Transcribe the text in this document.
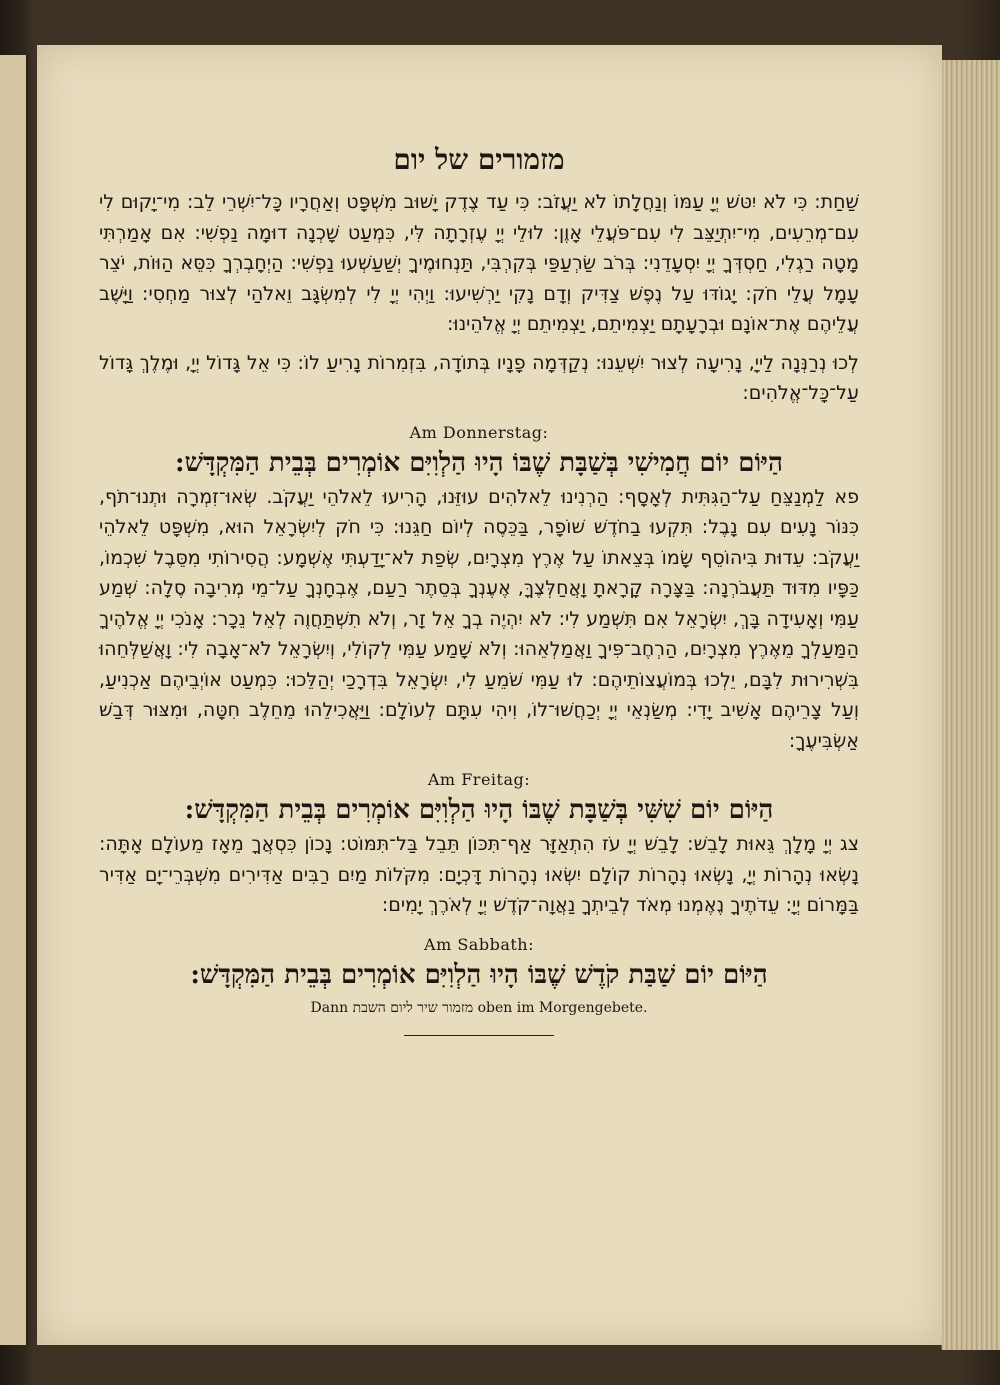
מזמורים של יום

שַׁחַת: כִּי לֹא יִטּשׁ יְיָ עַמּוֹ וְנַחֲלָתוֹ לֹא יַעֲזֹב: כִּי עַד צֶדֶק יָשׁוּב מִשְׁפָּט וְאַחֲרָיו כָּל־יִשְׁרֵי לֵב: מִי־יָקוּם לִי עִם־מְרֵעִים, מִי־יִתְיַצֵּב לִי עִם־פֹּעֲלֵי אָוֶן: לוּלֵי יְיָ עֶזְרָתָה לִּי, כִּמְעַט שָׁכְנָה דוּמָה נַפְשִׁי: אִם אָמַרְתִּי מָטָה רַגְלִי, חַסְדְּךָ יְיָ יִסְעָדֵנִי: בְּרֹב שַׂרְעַפַּי בְּקִרְבִּי, תַּנְחוּמֶיךָ יְשַׁעַשְׁעוּ נַפְשִׁי: הַיְחָבְרְךָ כִּסֵּא הַוּוֹת, יֹצֵר עָמָל עֲלֵי חֹק: יָגוֹדּוּ עַל נֶפֶשׁ צַדִּיק וְדָם נָקִי יַרְשִׁיעוּ: וַיְהִי יְיָ לִי לְמִשְׂגָּב וֵאלֹהַי לְצוּר מַחְסִי: וַיָּשֶׁב עֲלֵיהֶם אֶת־אוֹנָם וּבְרָעָתָם יַצְמִיתֵם, יַצְמִיתֵם יְיָ אֱלֹהֵינוּ:

לְכוּ נְרַנְּנָה לַייָ, נָרִיעָה לְצוּר יִשְׁעֵנוּ: נְקַדְּמָה פָנָיו בְּתוֹדָה, בִּזְמִרוֹת נָרִיעַ לוֹ: כִּי אֵל גָּדוֹל יְיָ, וּמֶלֶךְ גָּדוֹל עַל־כָּל־אֱלֹהִים:

Am Donnerstag:
הַיּוֹם יוֹם חֲמִישִׁי בְּשַׁבָּת שֶׁבּוֹ הָיוּ הַלְוִיִּם אוֹמְרִים בְּבֵית הַמִּקְדָּשׁ:

פא לַמְנַצֵּחַ עַל־הַגִּתִּית לְאָסָף: הַרְנִינוּ לֵאלֹהִים עוּזֵּנוּ, הָרִיעוּ לֵאלֹהֵי יַעֲקֹב. שְׂאוּ־זִמְרָה וּתְנוּ־תֹף, כִּנּוֹר נָעִים עִם נָבֶל: תִּקְעוּ בַחֹדֶשׁ שׁוֹפָר, בַּכֵּסֶה לְיוֹם חַגֵּנוּ: כִּי חֹק לְיִשְׂרָאֵל הוּא, מִשְׁפָּט לֵאלֹהֵי יַעֲקֹב: עֵדוּת בִּיהוֹסֵף שָׂמוֹ בְּצֵאתוֹ עַל אֶרֶץ מִצְרָיִם, שְׂפַת לֹא־יָדַעְתִּי אֶשְׁמָע: הֲסִירוֹתִי מִסֵּבֶל שִׁכְמוֹ, כַּפָּיו מִדּוּד תַּעֲבֹרְנָה: בַּצָּרָה קָרָאתָ וָאֲחַלְּצֶךָּ, אֶעֶנְךָ בְּסֵתֶר רַעַם, אֶבְחָנְךָ עַל־מֵי מְרִיבָה סֶלָה: שְׁמַע עַמִּי וְאָעִידָה בָּךְ, יִשְׂרָאֵל אִם תִּשְׁמַע לִי: לֹא יִהְיֶה בְךָ אֵל זָר, וְלֹא תִשְׁתַּחֲוֶה לְאֵל נֵכָר: אָנֹכִי יְיָ אֱלֹהֶיךָ הַמַּעַלְךָ מֵאֶרֶץ מִצְרָיִם, הַרְחֶב־פִּיךָ וַאֲמַלְאֵהוּ: וְלֹא שָׁמַע עַמִּי לְקוֹלִי, וְיִשְׂרָאֵל לֹא־אָבָה לִי: וָאֲשַׁלְּחֵהוּ בִּשְׁרִירוּת לִבָּם, יֵלְכוּ בְּמוֹעֲצוֹתֵיהֶם: לוּ עַמִּי שֹׁמֵעַ לִי, יִשְׂרָאֵל בִּדְרָכַי יְהַלֵּכוּ: כִּמְעַט אוֹיְבֵיהֶם אַכְנִיעַ, וְעַל צָרֵיהֶם אָשִׁיב יָדִי: מְשַׂנְאֵי יְיָ יְכַחֲשׁוּ־לוֹ, וִיהִי עִתָּם לְעוֹלָם: וַיַּאֲכִילֵהוּ מֵחֵלֶב חִטָּה, וּמִצּוּר דְּבַשׁ אַשְׂבִּיעֶךָ:

Am Freitag:
הַיּוֹם יוֹם שִׁשִּׁי בְּשַׁבָּת שֶׁבּוֹ הָיוּ הַלְוִיִּם אוֹמְרִים בְּבֵית הַמִּקְדָּשׁ:

צג יְיָ מָלָךְ גֵּאוּת לָבֵשׁ: לָבֵשׁ יְיָ עֹז הִתְאַזָּר אַף־תִּכּוֹן תֵּבֵל בַּל־תִּמּוֹט: נָכוֹן כִּסְאֲךָ מֵאָז מֵעוֹלָם אָתָּה: נָשְׂאוּ נְהָרוֹת יְיָ, נָשְׂאוּ נְהָרוֹת קוֹלָם יִשְׂאוּ נְהָרוֹת דָּכְיָם: מִקֹּלוֹת מַיִם רַבִּים אַדִּירִים מִשְׁבְּרֵי־יָם אַדִּיר בַּמָּרוֹם יְיָ: עֵדֹתֶיךָ נֶאֶמְנוּ מְאֹד לְבֵיתְךָ נַאֲוָה־קֹדֶשׁ יְיָ לְאֹרֶךְ יָמִים:

Am Sabbath:
הַיּוֹם יוֹם שַׁבַּת קֹדֶשׁ שֶׁבּוֹ הָיוּ הַלְוִיִּם אוֹמְרִים בְּבֵית הַמִּקְדָּשׁ:
Dann מזמור שיר ליום השבת oben im Morgengebete.
